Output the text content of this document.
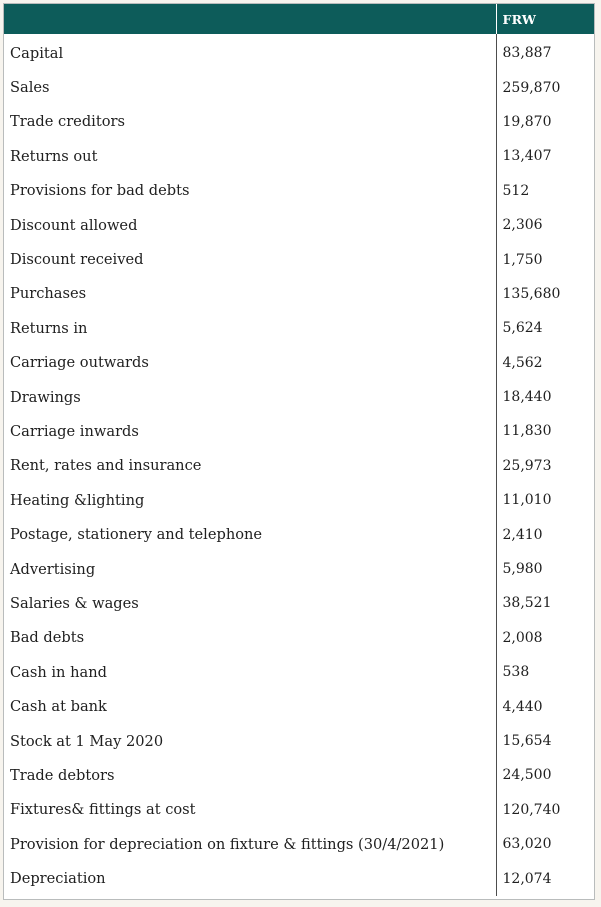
	FRW
Capital	83,887
Sales	259,870
Trade creditors	19,870
Returns out	13,407
Provisions for bad debts	512
Discount allowed	2,306
Discount received	1,750
Purchases	135,680
Returns in	5,624
Carriage outwards	4,562
Drawings	18,440
Carriage inwards	11,830
Rent, rates and insurance	25,973
Heating &lighting	11,010
Postage, stationery and telephone	2,410
Advertising	5,980
Salaries & wages	38,521
Bad debts	2,008
Cash in hand	538
Cash at bank	4,440
Stock at 1 May 2020	15,654
Trade debtors	24,500
Fixtures& fittings at cost	120,740
Provision for depreciation on fixture & fittings (30/4/2021)	63,020
Depreciation	12,074
